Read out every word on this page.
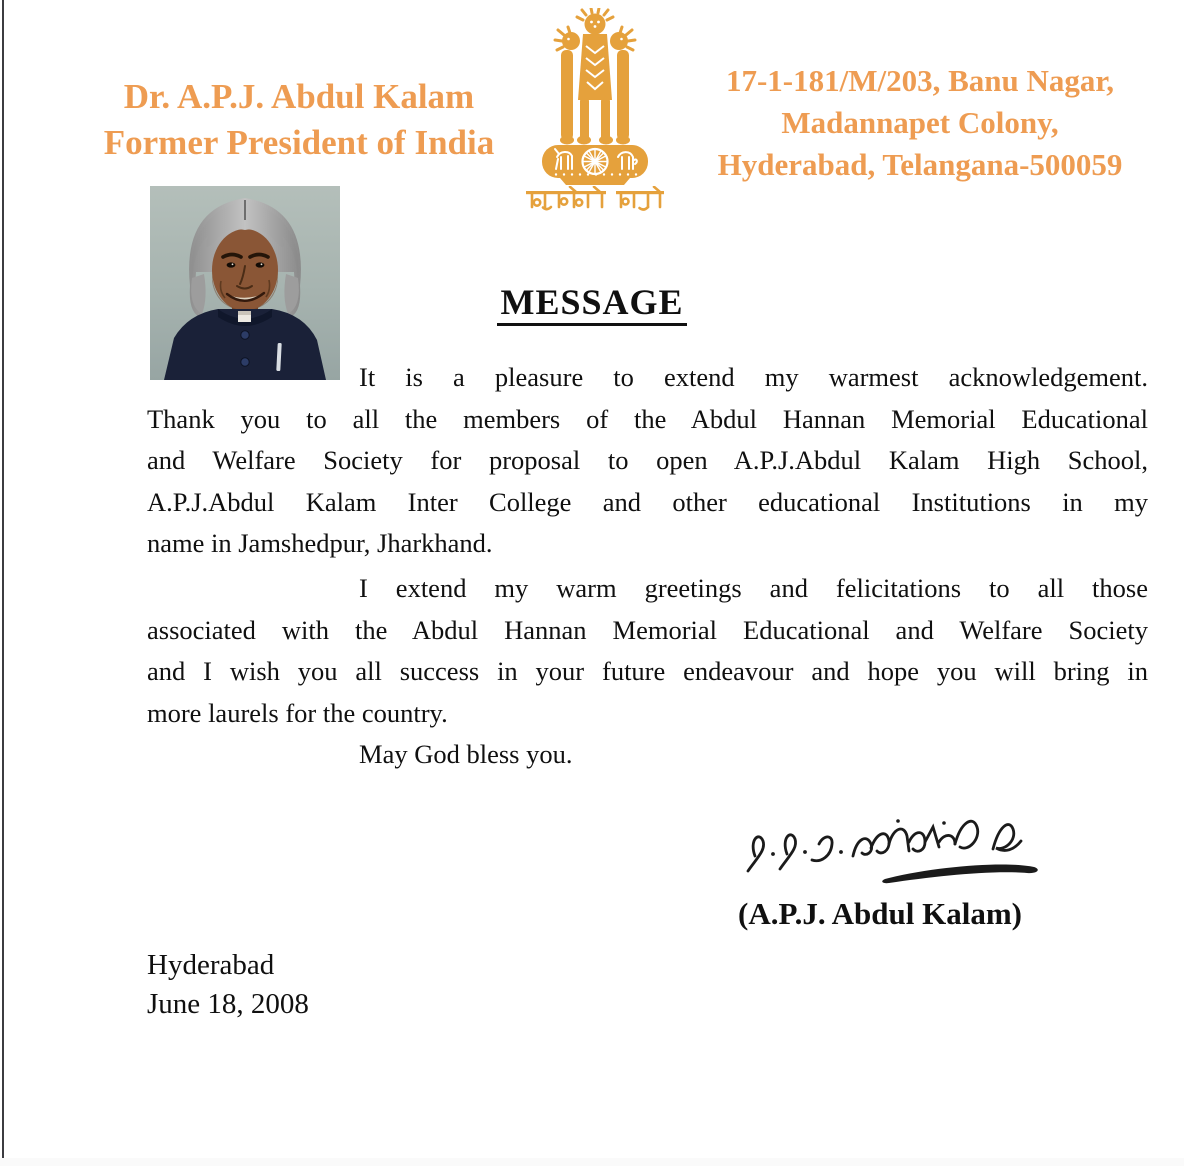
Dr. A.P.J. Abdul Kalam
Former President of India
17-1-181/M/203, Banu Nagar,
Madannapet Colony,
Hyderabad, Telangana-500059
MESSAGE
It is a pleasure to extend my warmest acknowledgement.
Thank you to all the members of the Abdul Hannan Memorial Educational
and Welfare Society for proposal to open A.P.J.Abdul Kalam High School,
A.P.J.Abdul Kalam Inter College and other educational Institutions in my
name in Jamshedpur, Jharkhand.
I extend my warm greetings and felicitations to all those
associated with the Abdul Hannan Memorial Educational and Welfare Society
and I wish you all success in your future endeavour and hope you will bring in
more laurels for the country.
May God bless you.
(A.P.J. Abdul Kalam)
Hyderabad
June 18, 2008
